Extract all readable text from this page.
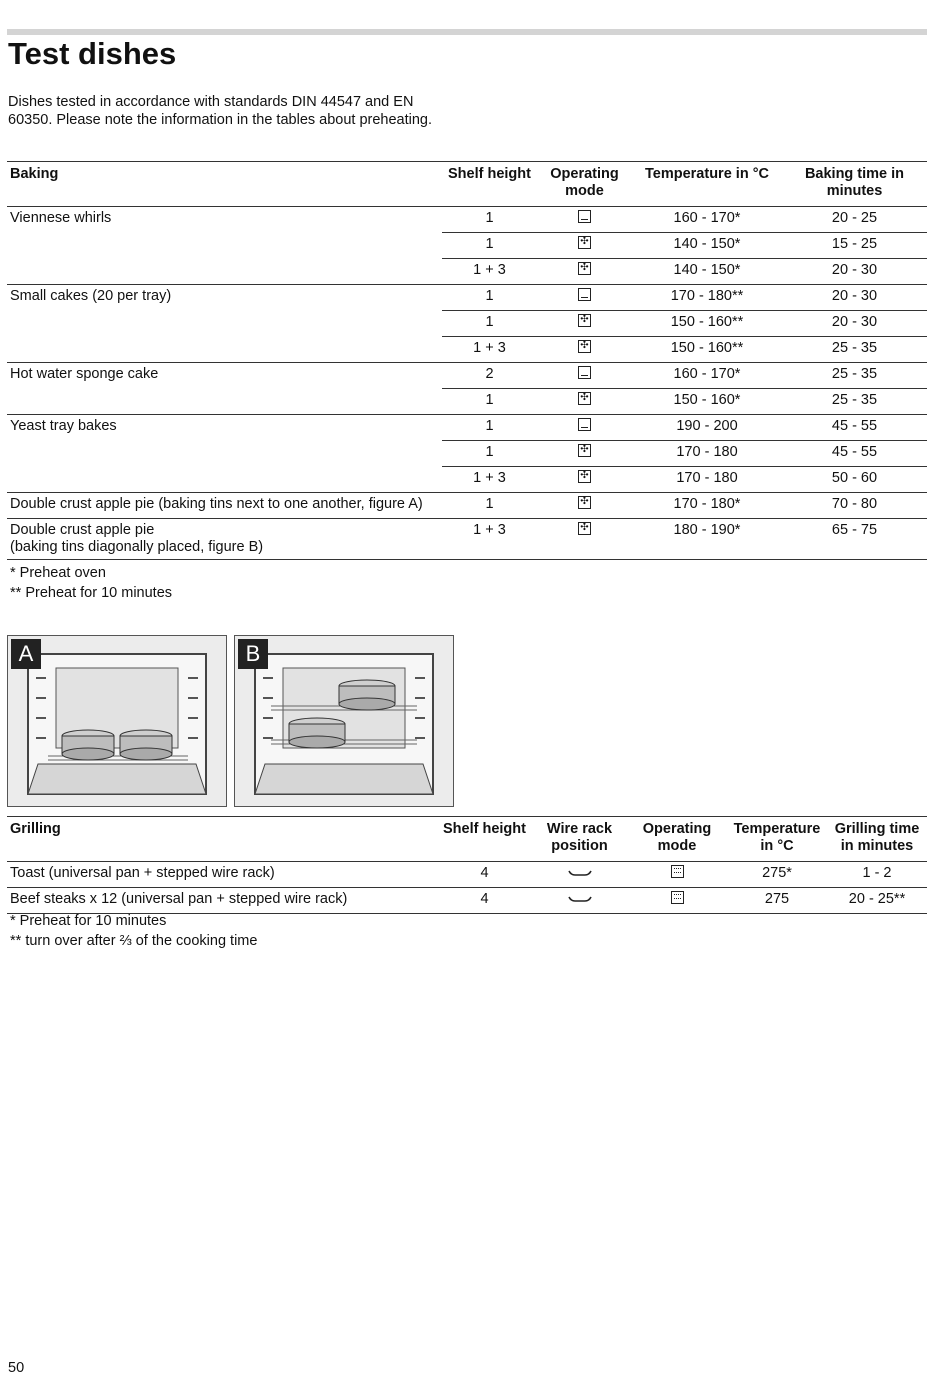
Test dishes
Dishes tested in accordance with standards DIN 44547 and EN 60350. Please note the information in the tables about preheating.
Baking	Shelf height	Operating mode	Temperature in °C	Baking time in minutes
Viennese whirls	1		160 - 170*	20 - 25
	1	✣	140 - 150*	15 - 25
	1 + 3	✣	140 - 150*	20 - 30
Small cakes (20 per tray)	1		170 - 180**	20 - 30
	1	✣	150 - 160**	20 - 30
	1 + 3	✣	150 - 160**	25 - 35
Hot water sponge cake	2		160 - 170*	25 - 35
	1	✣	150 - 160*	25 - 35
Yeast tray bakes	1		190 - 200	45 - 55
	1	✣	170 - 180	45 - 55
	1 + 3	✣	170 - 180	50 - 60
Double crust apple pie (baking tins next to one another, figure A)	1	✣	170 - 180*	70 - 80

Double crust apple pie
(baking tins diagonally placed, figure B)	1 + 3	✣	180 - 190*	65 - 75
* Preheat oven
** Preheat for 10 minutes
A	B
Grilling	Shelf height	Wire rack position	Operating mode	Temperature in °C	Grilling time in minutes
Toast (universal pan + stepped wire rack)	4			275*	1 - 2
Beef steaks x 12 (universal pan + stepped wire rack)	4			275	20 - 25**
* Preheat for 10 minutes
** turn over after ⅔ of the cooking time
50
